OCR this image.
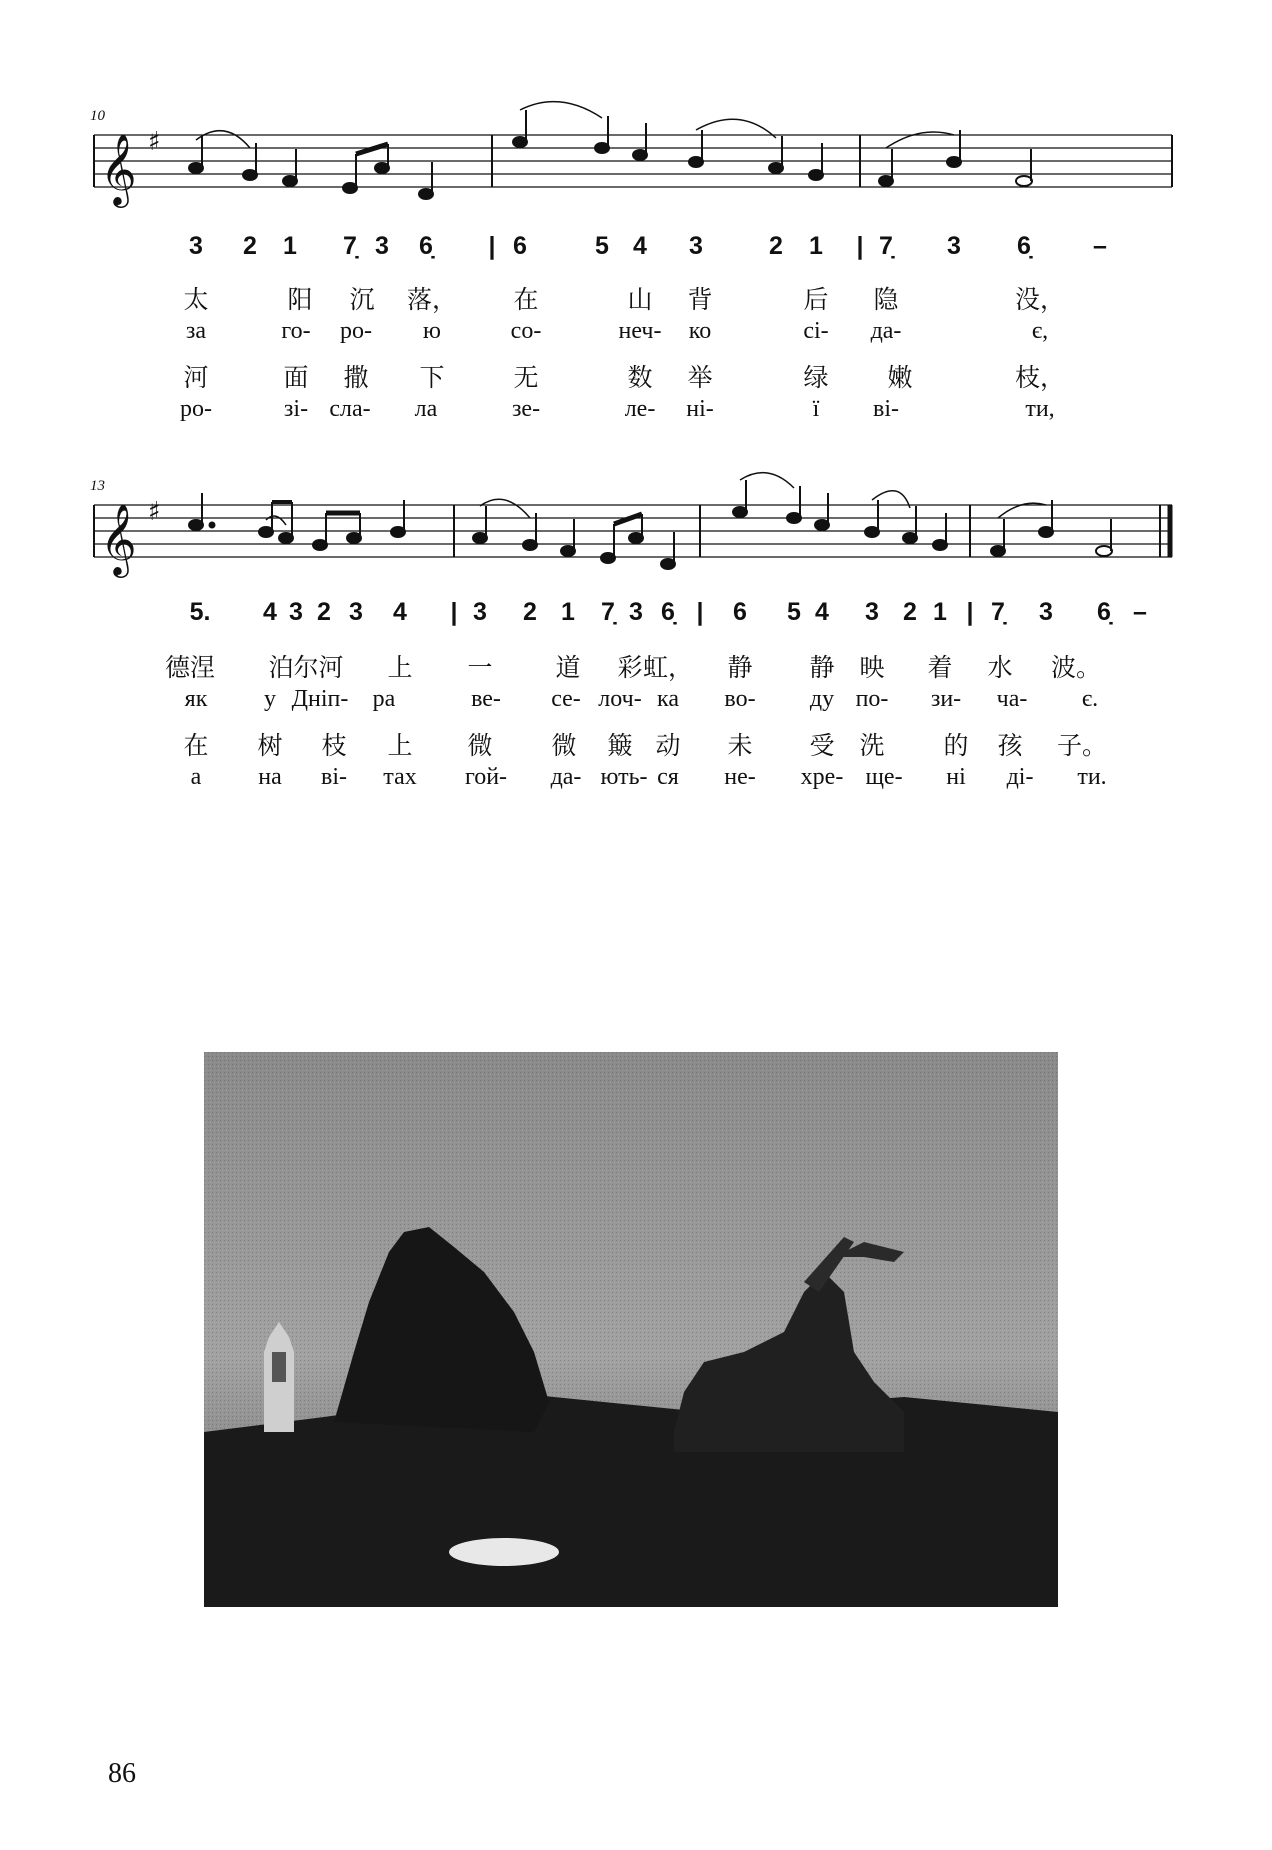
10
𝄞 ♯
3 2 1 7̣ 3 6̣ | 6	5 4 3	2 1 | 7̣ 3 6̣ –
太	阳 沉 落， 在	山 背	后 隐	没，
за	го- ро- ю	со-	неч- ко	сі- да-	є,
河	面 撒 下	无	数 举	绿 嫩	枝，
ро-	зі- сла- ла	зе-	ле- ні-	ї ві-	ти,
13
𝄞 ♯
5. 4 3 2 3 4 | 3 2 1 7̣ 3 6̣ | 6 5 4 3 2 1 | 7̣ 3 6̣ –
德涅 泊尔河 上 一	道 彩 虹， 静 静 映 着 水 波。
як у Дніп- ра	ве- се- лоч- ка во- ду по- зи- ча- є.
在 树 枝 上 微 微 簸 动 未 受 洗 的 孩 子。
а на ві- тах гой- да- ють- ся не- хре- ще- ні ді- ти.
86
